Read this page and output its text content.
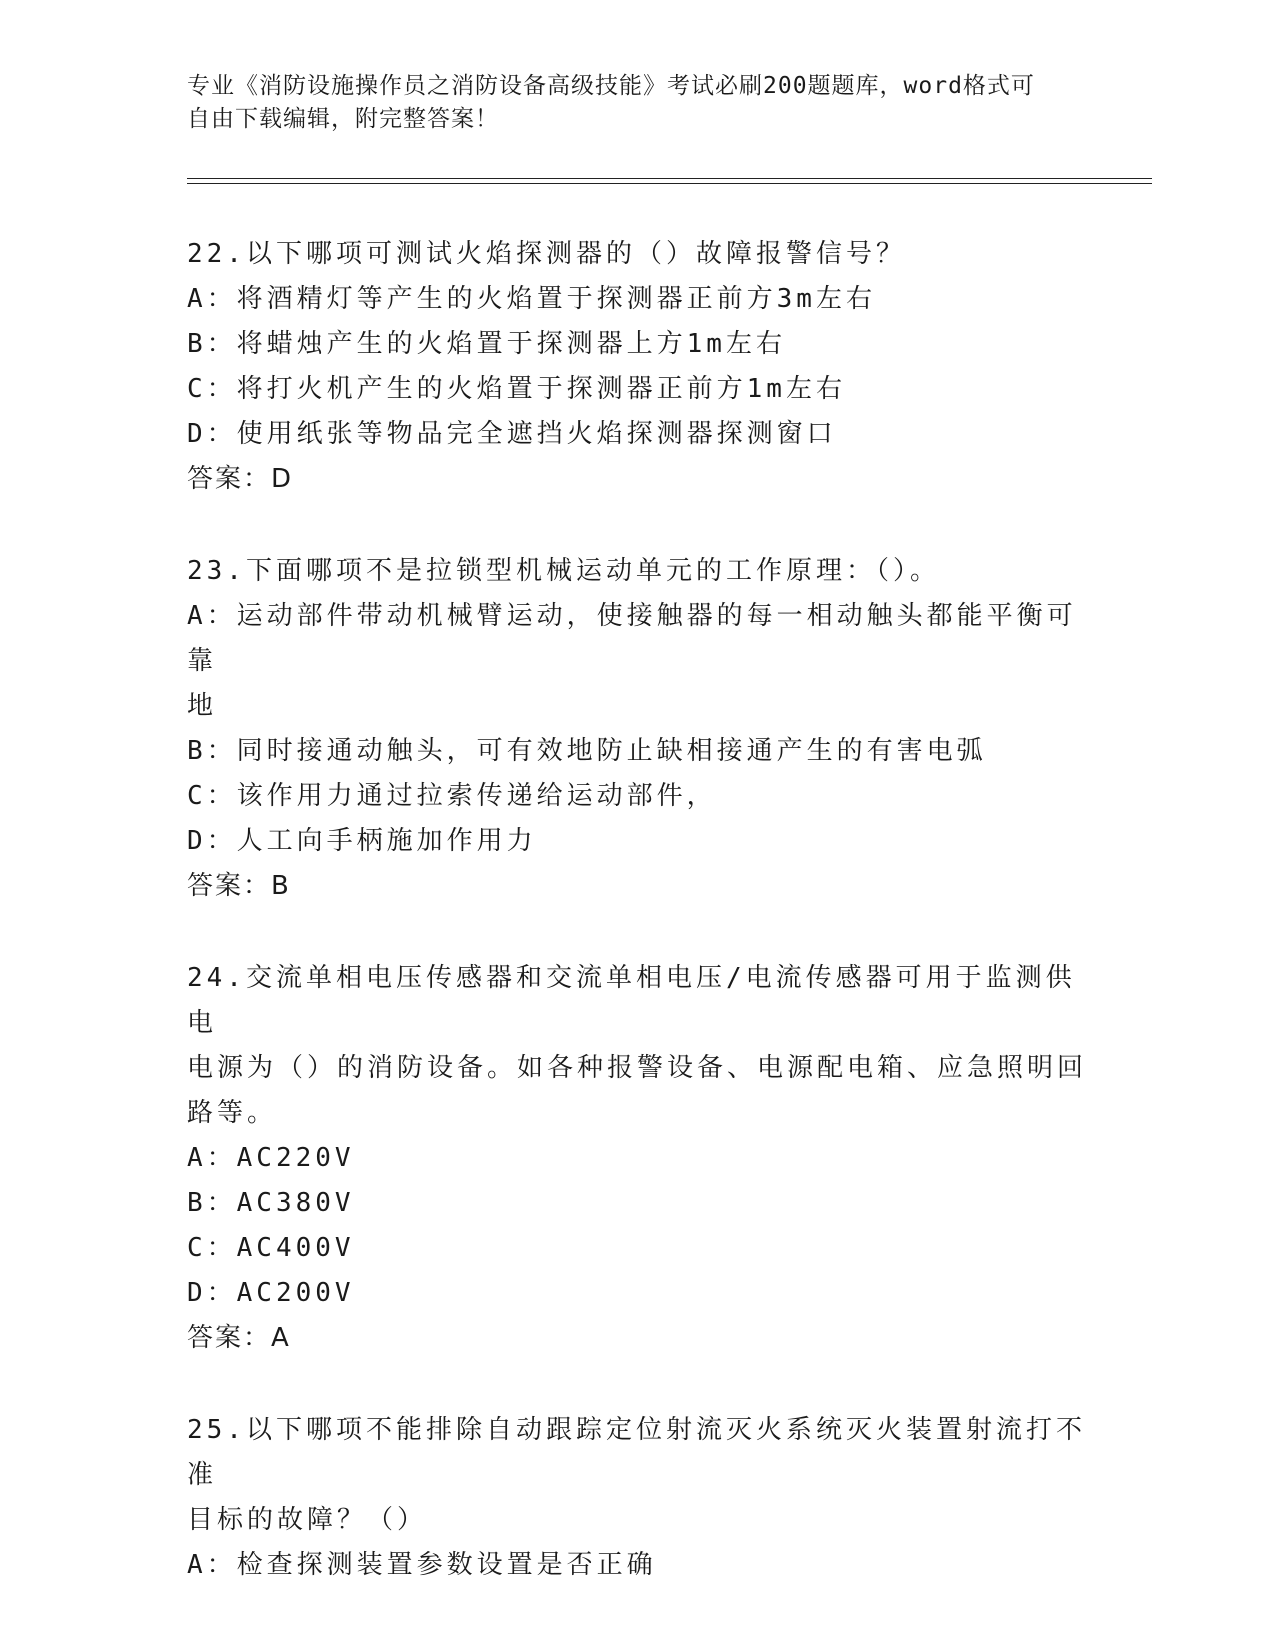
专业《消防设施操作员之消防设备高级技能》考试必刷200题题库，word格式可
自由下载编辑，附完整答案！
22.以下哪项可测试火焰探测器的（）故障报警信号？
A：将酒精灯等产生的火焰置于探测器正前方3m左右
B：将蜡烛产生的火焰置于探测器上方1m左右
C：将打火机产生的火焰置于探测器正前方1m左右
D：使用纸张等物品完全遮挡火焰探测器探测窗口
答案：D
23.下面哪项不是拉锁型机械运动单元的工作原理：（）。
A：运动部件带动机械臂运动，使接触器的每一相动触头都能平衡可靠
地
B：同时接通动触头，可有效地防止缺相接通产生的有害电弧
C：该作用力通过拉索传递给运动部件，
D：人工向手柄施加作用力
答案：B
24.交流单相电压传感器和交流单相电压/电流传感器可用于监测供电
电源为（）的消防设备。如各种报警设备、电源配电箱、应急照明回
路等。
A：AC220V
B：AC380V
C：AC400V
D：AC200V
答案：A
25.以下哪项不能排除自动跟踪定位射流灭火系统灭火装置射流打不准
目标的故障？（）
A：检查探测装置参数设置是否正确
